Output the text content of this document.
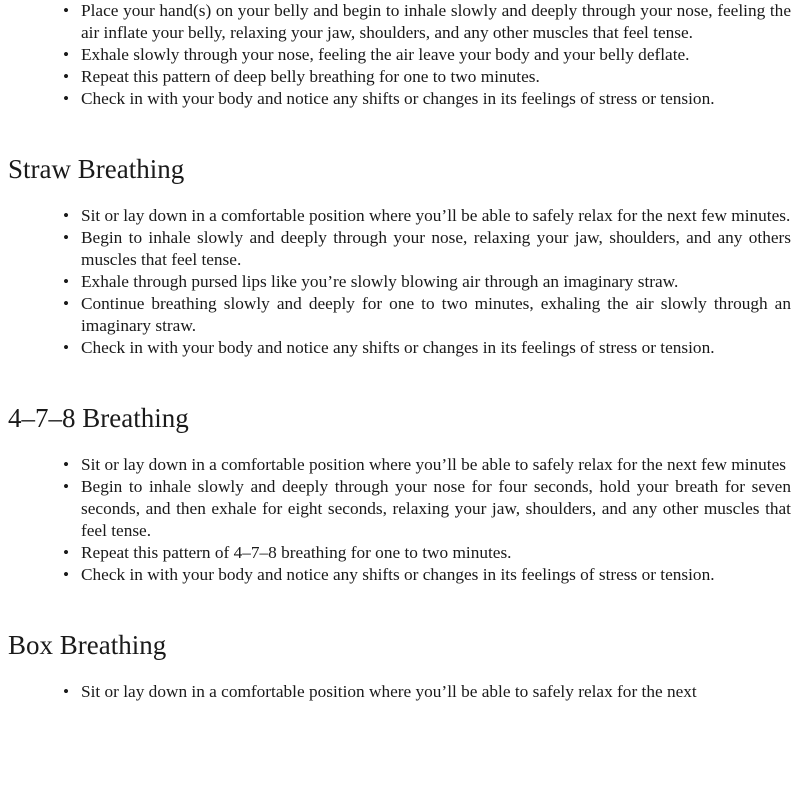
• Place your hand(s) on your belly and begin to inhale slowly and deeply through your nose, feeling the air inflate your belly, relaxing your jaw, shoulders, and any other muscles that feel tense.
• Exhale slowly through your nose, feeling the air leave your body and your belly deflate.
• Repeat this pattern of deep belly breathing for one to two minutes.
• Check in with your body and notice any shifts or changes in its feelings of stress or tension.
Straw Breathing
• Sit or lay down in a comfortable position where you’ll be able to safely relax for the next few minutes.
• Begin to inhale slowly and deeply through your nose, relaxing your jaw, shoulders, and any others muscles that feel tense.
• Exhale through pursed lips like you’re slowly blowing air through an imaginary straw.
• Continue breathing slowly and deeply for one to two minutes, exhaling the air slowly through an imaginary straw.
• Check in with your body and notice any shifts or changes in its feelings of stress or tension.
4–7–8 Breathing
• Sit or lay down in a comfortable position where you’ll be able to safely relax for the next few minutes
• Begin to inhale slowly and deeply through your nose for four seconds, hold your breath for seven seconds, and then exhale for eight seconds, relaxing your jaw, shoulders, and any other muscles that feel tense.
• Repeat this pattern of 4–7–8 breathing for one to two minutes.
• Check in with your body and notice any shifts or changes in its feelings of stress or tension.
Box Breathing
• Sit or lay down in a comfortable position where you’ll be able to safely relax for the next
